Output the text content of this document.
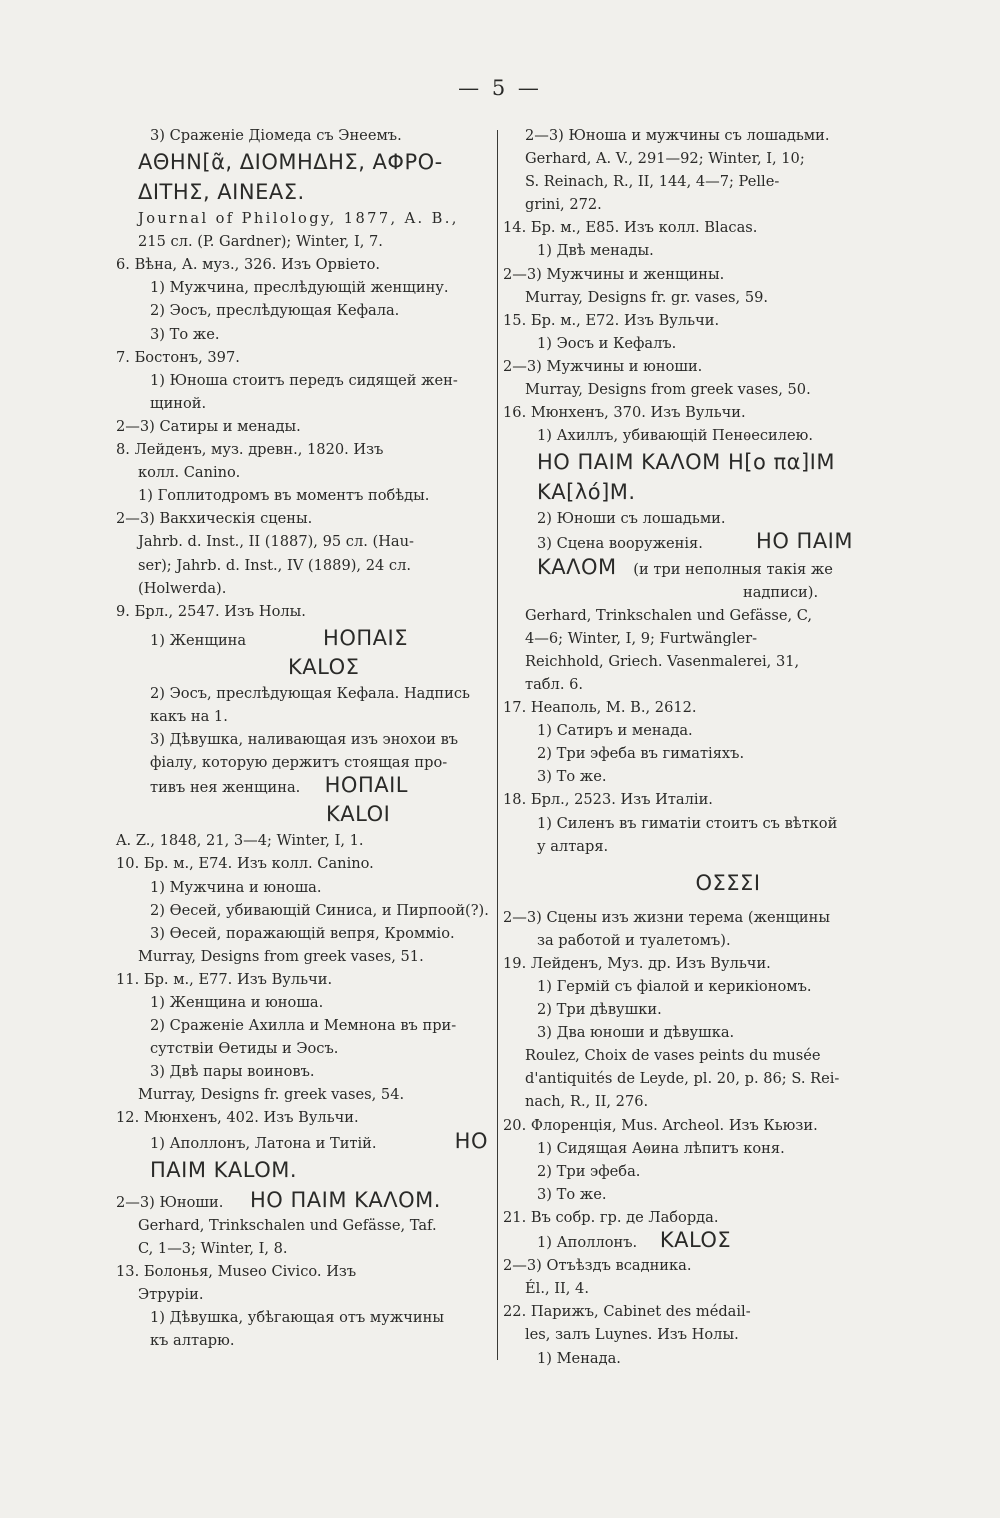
— 5 —
3) Сраженіе Діомеда съ Энеемъ.
ΑΘΗΝ[ᾶ, ΔΙΟΜΗΔΗΣ, ΑΦΡΟ-
ΔΙΤΗΣ, ΑΙΝΕΑΣ.
Journal of Philology, 1877, A. B.,
215 сл. (P. Gardner); Winter, I, 7.
6. Вѣна, А. муз., 326. Изъ Орвіето.
1) Мужчина, преслѣдующій женщину.
2) Эосъ, преслѣдующая Кефала.
3) То же.
7. Бостонъ, 397.
1) Юноша стоитъ передъ сидящей жен-
щиной.
2—3) Сатиры и менады.
8. Лейденъ, муз. древн., 1820. Изъ
колл. Canino.
1) Гоплитодромъ въ моментъ побѣды.
2—3) Вакхическія сцены.
Jahrb. d. Inst., II (1887), 95 сл. (Hau-
ser); Jahrb. d. Inst., IV (1889), 24 сл.
(Holwerda).
9. Брл., 2547. Изъ Нолы.
1) Женщина	ΗΟΠΑΙΣ
ΚΑLOΣ
2) Эосъ, преслѣдующая Кефала. Надпись
какъ на 1.
3) Дѣвушка, наливающая изъ энохои въ
фіалу, которую держитъ стоящая про-
тивъ нея женщина. ΗΟΠΑΙL
ΚΑLOΙ
A. Z., 1848, 21, 3—4; Winter, I, 1.
10. Бр. м., E74. Изъ колл. Canino.
1) Мужчина и юноша.
2) Ѳесей, убивающій Синиса, и Пирпоой(?).
3) Ѳесей, поражающій вепря, Кромміо.
Murray, Designs from greek vases, 51.
11. Бр. м., E77. Изъ Вульчи.
1) Женщина и юноша.
2) Сраженіе Ахилла и Мемнона въ при-
сутствіи Ѳетиды и Эосъ.
3) Двѣ пары воиновъ.
Murray, Designs fr. greek vases, 54.
12. Мюнхенъ, 402. Изъ Вульчи.
1) Аполлонъ, Латона и Титій.	ΗΟ
ΠΑΙΜ ΚΑLOΜ.
2—3) Юноши. ΗΟ ΠΑΙΜ ΚΑΛΟΜ.
Gerhard, Trinkschalen und Gefässe, Taf.
C, 1—3; Winter, I, 8.
13. Болонья, Museo Civico. Изъ
Этруріи.
1) Дѣвушка, убѣгающая отъ мужчины
къ алтарю.
2—3) Юноша и мужчины съ лошадьми.
Gerhard, A. V., 291—92; Winter, I, 10;
S. Reinach, R., II, 144, 4—7; Pelle-
grini, 272.
14. Бр. м., E85. Изъ колл. Blacas.
1) Двѣ менады.
2—3) Мужчины и женщины.
Murray, Designs fr. gr. vases, 59.
15. Бр. м., E72. Изъ Вульчи.
1) Эосъ и Кефалъ.
2—3) Мужчины и юноши.
Murray, Designs from greek vases, 50.
16. Мюнхенъ, 370. Изъ Вульчи.
1) Ахиллъ, убивающій Пенѳесилею.
ΗΟ ΠΑΙΜ ΚΑΛΟΜ Η[ο πα]ΙΜ
ΚΑ[λό]Μ.
2) Юноши съ лошадьми.
3) Сцена вооруженія.	ΗΟ ΠΑΙΜ
ΚΑΛΟΜ (и три неполныя такія же
надписи).
Gerhard, Trinkschalen und Gefässe, C,
4—6; Winter, I, 9; Furtwängler-
Reichhold, Griech. Vasenmalerei, 31,
табл. 6.
17. Неаполь, M. B., 2612.
1) Сатиръ и менада.
2) Три эфеба въ гиматіяхъ.
3) То же.
18. Брл., 2523. Изъ Италіи.
1) Силенъ въ гиматіи стоитъ съ вѣткой
у алтаря.
OΣΣΣΙ
2—3) Сцены изъ жизни терема (женщины
за работой и туалетомъ).
19. Лейденъ, Муз. др. Изъ Вульчи.
1) Гермій съ фіалой и керикіономъ.
2) Три дѣвушки.
3) Два юноши и дѣвушка.
Roulez, Choix de vases peints du musée
d'antiquités de Leyde, pl. 20, p. 86; S. Rei-
nach, R., II, 276.
20. Флоренція, Mus. Archeol. Изъ Кьюзи.
1) Сидящая Аѳина лѣпитъ коня.
2) Три эфеба.
3) То же.
21. Въ собр. гр. де Лаборда.
1) Аполлонъ. ΚΑLOΣ
2—3) Отъѣздъ всадника.
Él., II, 4.
22. Парижъ, Cabinet des médail-
les, залъ Luynes. Изъ Нолы.
1) Менада.
